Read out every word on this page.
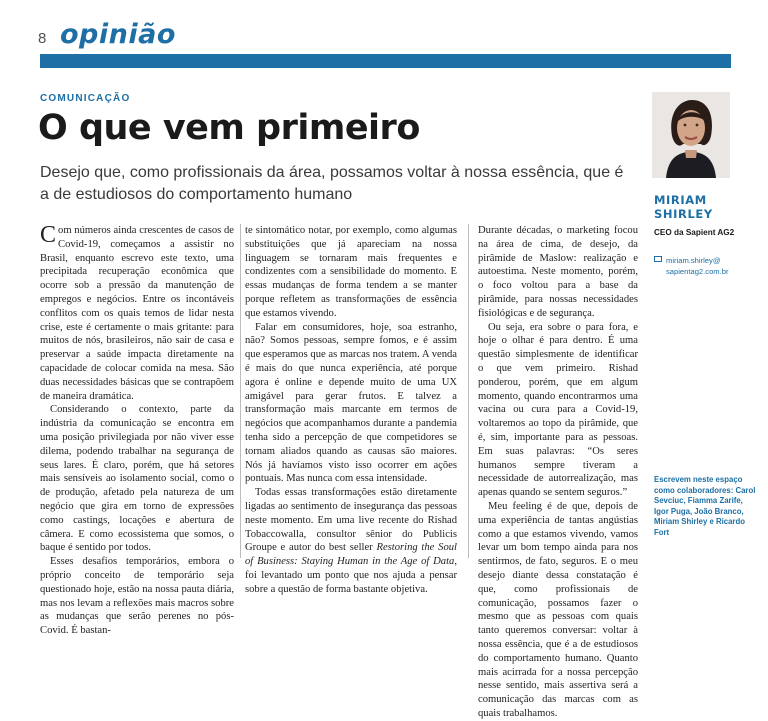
8 opinião
COMUNICAÇÃO
O que vem primeiro
Desejo que, como profissionais da área, possamos voltar à nossa essência, que é a de estudiosos do comportamento humano

Com números ainda crescentes de casos de Covid-19, começamos a assistir no Brasil, enquanto escrevo este texto, uma precipitada recuperação econômica que ocorre sob a pressão da manutenção de empregos e negócios. Entre os incontáveis conflitos com os quais temos de lidar nesta crise, este é certamente o mais gritante: para muitos de nós, brasileiros, não sair de casa e preservar a saúde impacta diretamente na capacidade de colocar comida na mesa. São duas necessidades básicas que se contrapõem de maneira dramática.

Considerando o contexto, parte da indústria da comunicação se encontra em uma posição privilegiada por não viver esse dilema, podendo trabalhar na segurança de seus lares. É claro, porém, que há setores mais sensíveis ao isolamento social, como o de produção, afetado pela natureza de um negócio que gira em torno de expressões como castings, locações e abertura de câmera. E como ecossistema que somos, o baque é sentido por todos.

Esses desafios temporários, embora o próprio conceito de temporário seja questionado hoje, estão na nossa pauta diária, mas nos levam a reflexões mais macros sobre as mudanças que serão perenes no pós-Covid. É bastan-

te sintomático notar, por exemplo, como algumas substituições que já apareciam na nossa linguagem se tornaram mais frequentes e condizentes com a sensibilidade do momento. E essas mudanças de forma tendem a se manter porque refletem as transformações de essência que estamos vivendo.

Falar em consumidores, hoje, soa estranho, não? Somos pessoas, sempre fomos, e é assim que esperamos que as marcas nos tratem. A venda é mais do que nunca experiência, até porque agora é online e depende muito de uma UX amigável para gerar frutos. E talvez a transformação mais marcante em termos de negócios que acompanhamos durante a pandemia tenha sido a percepção de que competidores se tornam aliados quando as causas são maiores. Nós já havíamos visto isso ocorrer em ações pontuais. Mas nunca com essa intensidade.

Todas essas transformações estão diretamente ligadas ao sentimento de insegurança das pessoas neste momento. Em uma live recente do Rishad Tobaccowalla, consultor sênior do Publicis Groupe e autor do best seller Restoring the Soul of Business: Staying Human in the Age of Data, foi levantado um ponto que nos ajuda a pensar sobre a questão de forma bastante objetiva.

Durante décadas, o marketing focou na área de cima, de desejo, da pirâmide de Maslow: realização e autoestima. Neste momento, porém, o foco voltou para a base da pirâmide, para nossas necessidades fisiológicas e de segurança.

Ou seja, era sobre o para fora, e hoje o olhar é para dentro. É uma questão simplesmente de identificar o que vem primeiro. Rishad ponderou, porém, que em algum momento, quando encontrarmos uma vacina ou cura para a Covid-19, voltaremos ao topo da pirâmide, que é, sim, importante para as pessoas. Em suas palavras: “Os seres humanos sempre tiveram a necessidade de autorrealização, mas apenas quando se sentem seguros.”

Meu feeling é de que, depois de uma experiência de tantas angústias como a que estamos vivendo, vamos levar um bom tempo ainda para nos sentirmos, de fato, seguros. E o meu desejo diante dessa constatação é que, como profissionais de comunicação, possamos fazer o mesmo que as pessoas com quais tanto queremos conversar: voltar à nossa essência, que é a de estudiosos do comportamento humano. Quanto mais acirrada for a nossa percepção nesse sentido, mais assertiva será a comunicação das marcas com as quais trabalhamos.

MIRIAM SHIRLEY
CEO da Sapient AG2
miriam.shirley@ sapientag2.com.br
Escrevem neste espaço como colaboradores: Carol Sevciuc, Fiamma Zarife, Igor Puga, João Branco, Miriam Shirley e Ricardo Fort
